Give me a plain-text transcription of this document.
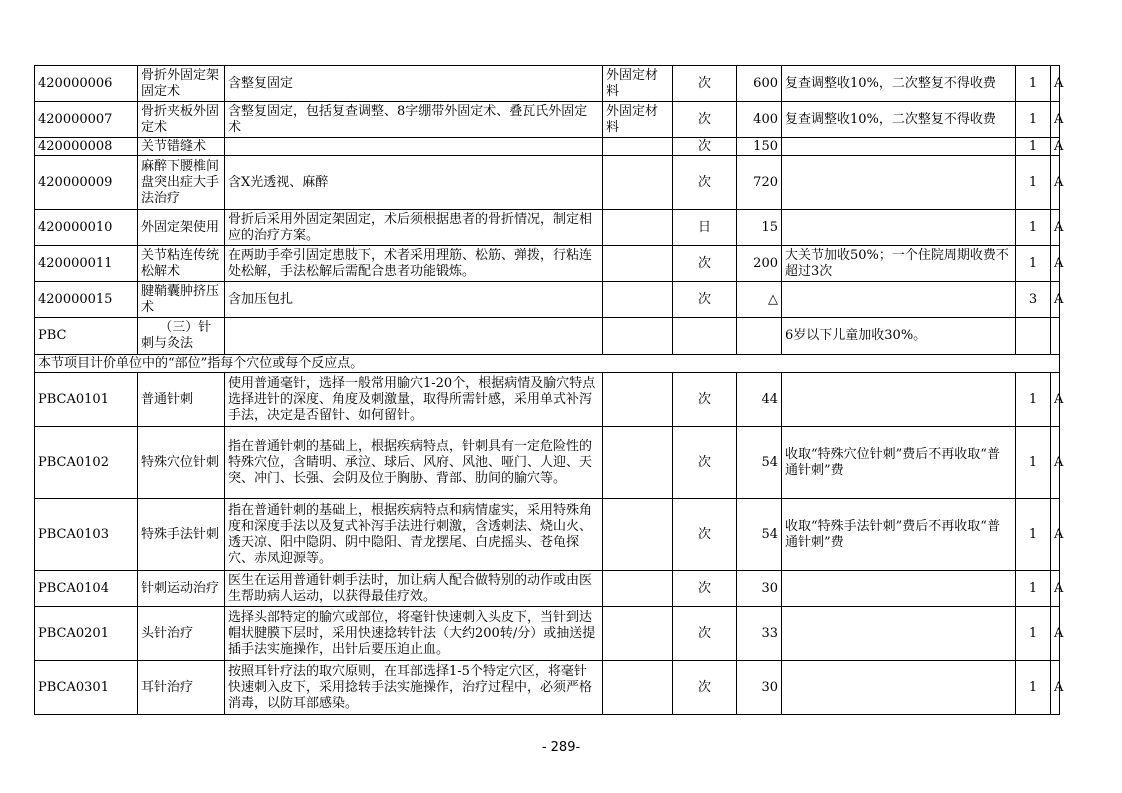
420000006	骨折外固定架固定术	含整复固定	外固定材料	次	600	复查调整收10%，二次整复不得收费	1	A
420000007	骨折夹板外固定术	含整复固定，包括复查调整、8字绷带外固定术、叠瓦氏外固定术	外固定材料	次	400	复查调整收10%，二次整复不得收费	1	A
420000008	关节错缝术			次	150		1	A
420000009	麻醉下腰椎间盘突出症大手法治疗	含X光透视、麻醉		次	720		1	A
420000010	外固定架使用	骨折后采用外固定架固定，术后须根据患者的骨折情况，制定相应的治疗方案。		日	15		1	A
420000011	关节粘连传统松解术	在两助手牵引固定患肢下，术者采用理筋、松筋、弹拨，行粘连处松解，手法松解后需配合患者功能锻炼。		次	200	大关节加收50%；一个住院周期收费不超过3次	1	A
420000015	腱鞘囊肿挤压术	含加压包扎		次	△		3	A
PBC	（三）针刺与灸法					6岁以下儿童加收30%。		
本节项目计价单位中的“部位”指每个穴位或每个反应点。								
PBCA0101	普通针刺	使用普通毫针，选择一般常用腧穴1-20个，根据病情及腧穴特点选择进针的深度、角度及刺激量，取得所需针感，采用单式补泻手法，决定是否留针、如何留针。		次	44		1	A
PBCA0102	特殊穴位针刺	指在普通针刺的基础上，根据疾病特点，针刺具有一定危险性的特殊穴位，含睛明、承泣、球后、风府、风池、哑门、人迎、天突、冲门、长强、会阴及位于胸胁、背部、肋间的腧穴等。		次	54	收取“特殊穴位针刺”费后不再收取“普通针刺”费	1	A
PBCA0103	特殊手法针刺	指在普通针刺的基础上，根据疾病特点和病情虚实，采用特殊角度和深度手法以及复式补泻手法进行刺激，含透刺法、烧山火、透天凉、阳中隐阴、阴中隐阳、青龙摆尾、白虎摇头、苍龟探穴、赤凤迎源等。		次	54	收取“特殊手法针刺”费后不再收取“普通针刺”费	1	A
PBCA0104	针刺运动治疗	医生在运用普通针刺手法时，加让病人配合做特别的动作或由医生帮助病人运动，以获得最佳疗效。		次	30		1	A
PBCA0201	头针治疗	选择头部特定的腧穴或部位，将毫针快速刺入头皮下，当针到达帽状腱膜下层时，采用快速捻转针法（大约200转/分）或抽送提插手法实施操作，出针后要压迫止血。		次	33		1	A
PBCA0301	耳针治疗	按照耳针疗法的取穴原则，在耳部选择1-5个特定穴区，将毫针快速刺入皮下，采用捻转手法实施操作，治疗过程中，必须严格消毒，以防耳部感染。		次	30		1	A
- 289-
